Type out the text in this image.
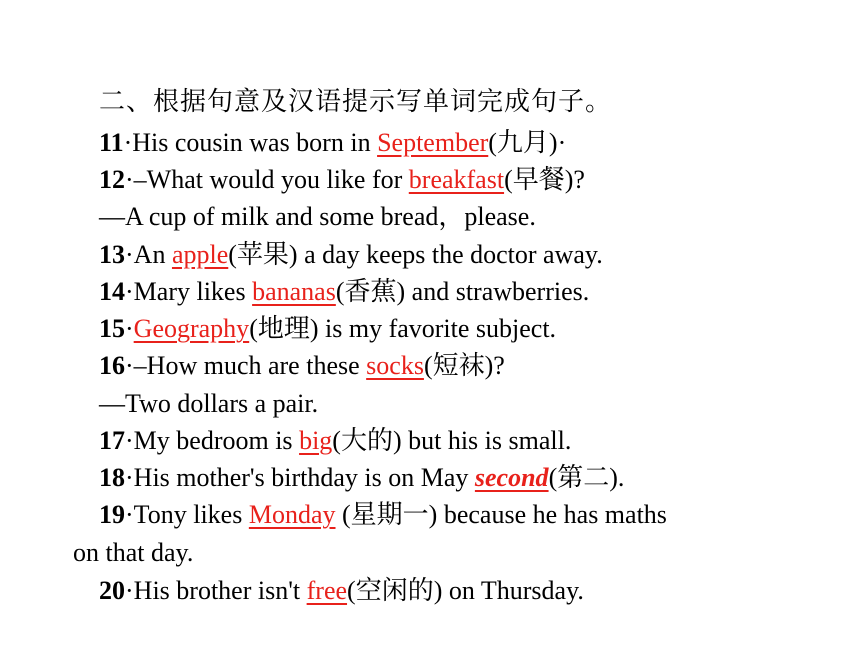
二、根据句意及汉语提示写单词完成句子。
11·His cousin was born in September(九月)·
12·–What would you like for breakfast(早餐)?
—A cup of milk and some bread，please.
13·An apple(苹果) a day keeps the doctor away.
14·Mary likes bananas(香蕉) and strawberries.
15·Geography(地理) is my favorite subject.
16·–How much are these socks(短袜)?
—Two dollars a pair.
17·My bedroom is big(大的) but his is small.
18·His mother's birthday is on May second(第二).
19·Tony likes Monday (星期一) because he has maths
on that day.
20·His brother isn't free(空闲的) on Thursday.
